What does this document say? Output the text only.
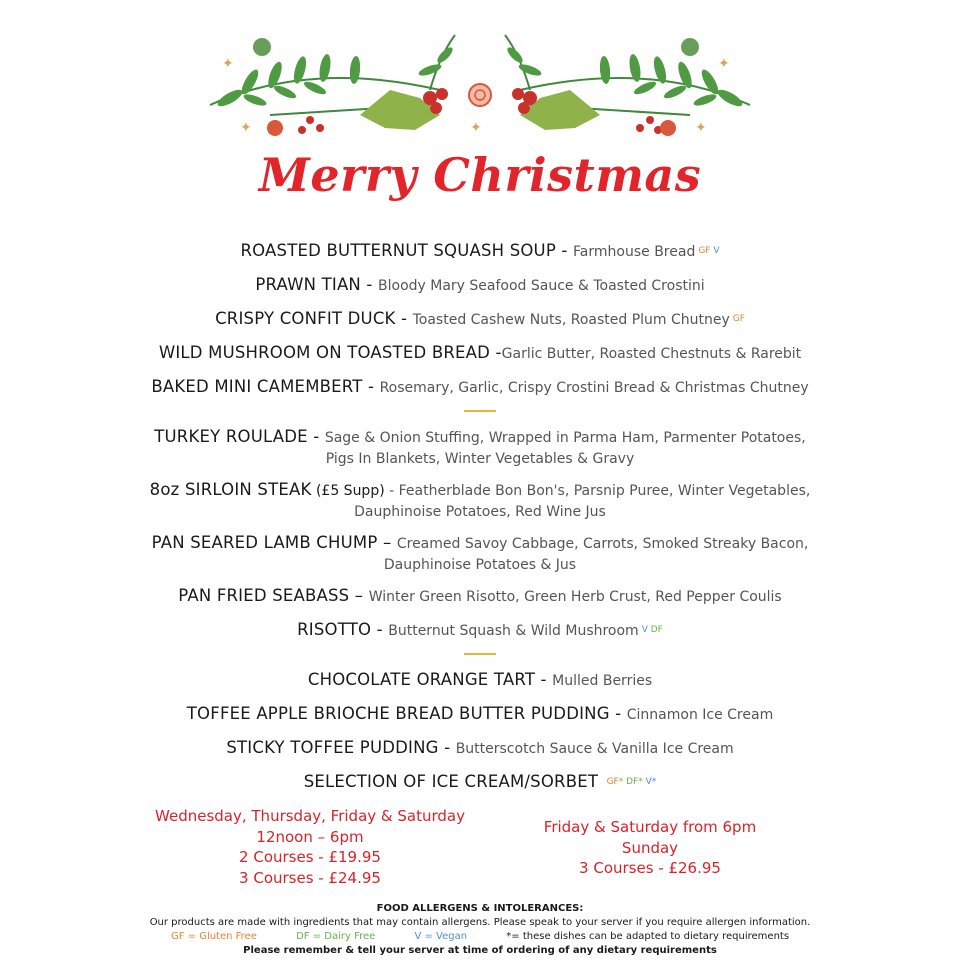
✦	✦
✦	✦
✦
Merry Christmas
ROASTED BUTTERNUT SQUASH SOUP - Farmhouse Bread GF V
PRAWN TIAN - Bloody Mary Seafood Sauce & Toasted Crostini
CRISPY CONFIT DUCK - Toasted Cashew Nuts, Roasted Plum Chutney GF
WILD MUSHROOM ON TOASTED BREAD -Garlic Butter, Roasted Chestnuts & Rarebit
BAKED MINI CAMEMBERT - Rosemary, Garlic, Crispy Crostini Bread & Christmas Chutney
TURKEY ROULADE - Sage & Onion Stuffing, Wrapped in Parma Ham, Parmenter Potatoes,
Pigs In Blankets, Winter Vegetables & Gravy
8oz SIRLOIN STEAK (£5 Supp) - Featherblade Bon Bon's, Parsnip Puree, Winter Vegetables,
Dauphinoise Potatoes, Red Wine Jus
PAN SEARED LAMB CHUMP – Creamed Savoy Cabbage, Carrots, Smoked Streaky Bacon,
Dauphinoise Potatoes & Jus
PAN FRIED SEABASS – Winter Green Risotto, Green Herb Crust, Red Pepper Coulis
RISOTTO - Butternut Squash & Wild Mushroom V DF
CHOCOLATE ORANGE TART - Mulled Berries
TOFFEE APPLE BRIOCHE BREAD BUTTER PUDDING - Cinnamon Ice Cream
STICKY TOFFEE PUDDING - Butterscotch Sauce & Vanilla Ice Cream
SELECTION OF ICE CREAM/SORBET GF* DF* V*
Wednesday, Thursday, Friday & Saturday
12noon – 6pm
2 Courses - £19.95
3 Courses - £24.95
Friday & Saturday from 6pm
Sunday
3 Courses - £26.95
FOOD ALLERGENS & INTOLERANCES:
Our products are made with ingredients that may contain allergens. Please speak to your server if you require allergen information.
GF = Gluten Free	DF = Dairy Free	V = Vegan	*= these dishes can be adapted to dietary requirements
Please remember & tell your server at time of ordering of any dietary requirements
